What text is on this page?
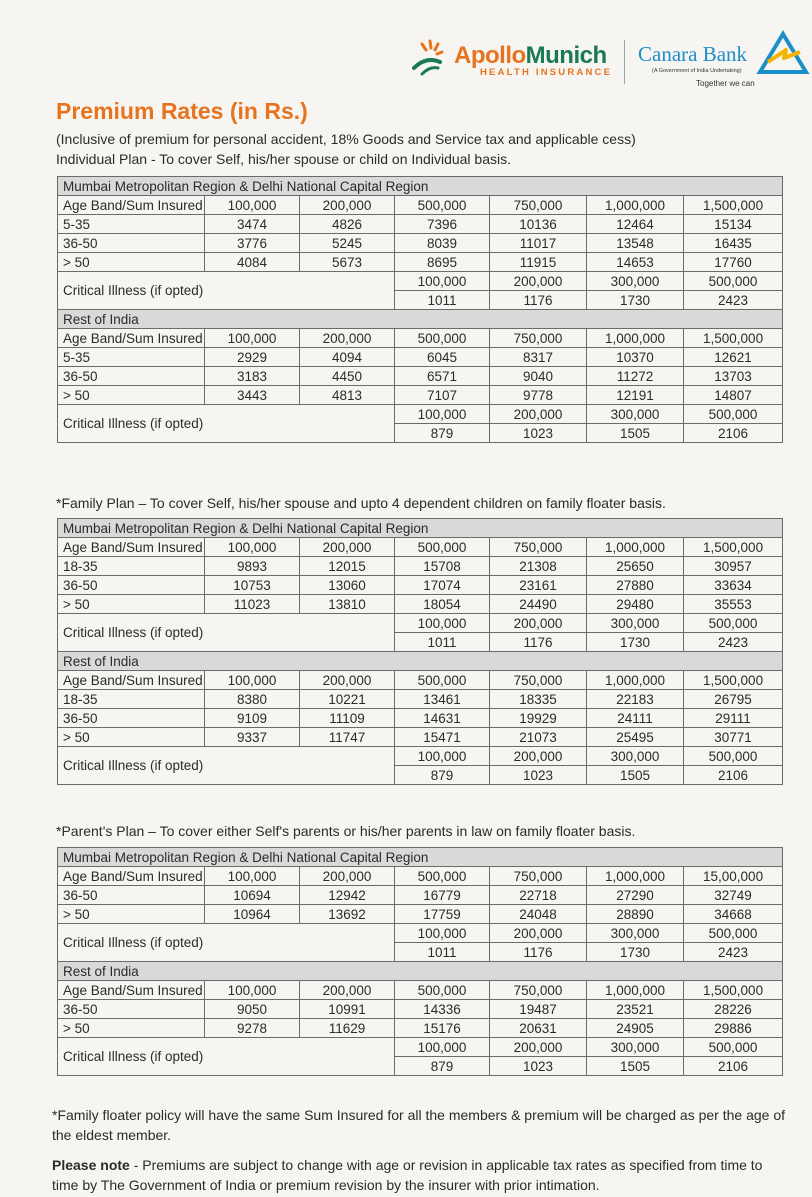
ApolloMunich
HEALTH INSURANCE
Canara Bank
(A Government of India Undertaking)
Together we can
Premium Rates (in Rs.)
(Inclusive of premium for personal accident, 18% Goods and Service tax and applicable cess)
Individual Plan - To cover Self, his/her spouse or child on Individual basis.
Mumbai Metropolitan Region & Delhi National Capital Region						
Age Band/Sum Insured	100,000	200,000	500,000	750,000	1,000,000	1,500,000
5-35	3474	4826	7396	10136	12464	15134
36-50	3776	5245	8039	11017	13548	16435
> 50	4084	5673	8695	11915	14653	17760
Critical Illness (if opted)			100,000	200,000	300,000	500,000
			1011	1176	1730	2423
Rest of India						
Age Band/Sum Insured	100,000	200,000	500,000	750,000	1,000,000	1,500,000
5-35	2929	4094	6045	8317	10370	12621
36-50	3183	4450	6571	9040	11272	13703
> 50	3443	4813	7107	9778	12191	14807
Critical Illness (if opted)			100,000	200,000	300,000	500,000
			879	1023	1505	2106
*Family Plan – To cover Self, his/her spouse and upto 4 dependent children on family floater basis.
Mumbai Metropolitan Region & Delhi National Capital Region						
Age Band/Sum Insured	100,000	200,000	500,000	750,000	1,000,000	1,500,000
18-35	9893	12015	15708	21308	25650	30957
36-50	10753	13060	17074	23161	27880	33634
> 50	11023	13810	18054	24490	29480	35553
Critical Illness (if opted)			100,000	200,000	300,000	500,000
			1011	1176	1730	2423
Rest of India						
Age Band/Sum Insured	100,000	200,000	500,000	750,000	1,000,000	1,500,000
18-35	8380	10221	13461	18335	22183	26795
36-50	9109	11109	14631	19929	24111	29111
> 50	9337	11747	15471	21073	25495	30771
Critical Illness (if opted)			100,000	200,000	300,000	500,000
			879	1023	1505	2106
*Parent's Plan – To cover either Self's parents or his/her parents in law on family floater basis.
Mumbai Metropolitan Region & Delhi National Capital Region						
Age Band/Sum Insured	100,000	200,000	500,000	750,000	1,000,000	15,00,000
36-50	10694	12942	16779	22718	27290	32749
> 50	10964	13692	17759	24048	28890	34668
Critical Illness (if opted)			100,000	200,000	300,000	500,000
			1011	1176	1730	2423
Rest of India						
Age Band/Sum Insured	100,000	200,000	500,000	750,000	1,000,000	1,500,000
36-50	9050	10991	14336	19487	23521	28226
> 50	9278	11629	15176	20631	24905	29886
Critical Illness (if opted)			100,000	200,000	300,000	500,000
			879	1023	1505	2106
*Family floater policy will have the same Sum Insured for all the members & premium will be charged as per the age of the eldest member.
Please note - Premiums are subject to change with age or revision in applicable tax rates as specified from time to time by The Government of India or premium revision by the insurer with prior intimation.
